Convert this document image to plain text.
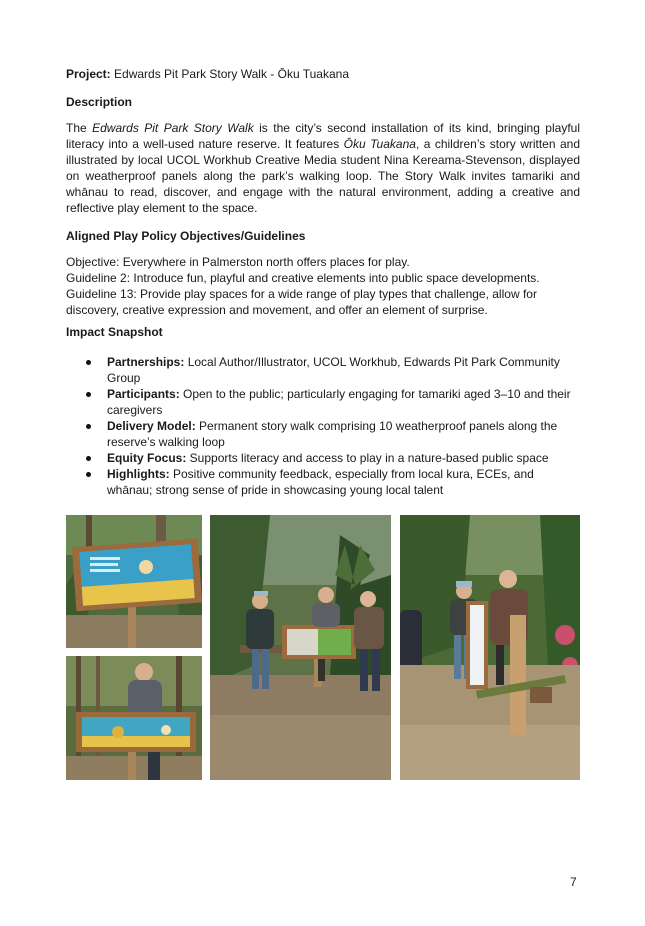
Project: Edwards Pit Park Story Walk - Ōku Tuakana

Description

The Edwards Pit Park Story Walk is the city’s second installation of its kind, bringing playful literacy into a well-used nature reserve. It features Ōku Tuakana, a children’s story written and illustrated by local UCOL Workhub Creative Media student Nina Kereama-Stevenson, displayed on weatherproof panels along the park’s walking loop. The Story Walk invites tamariki and whānau to read, discover, and engage with the natural environment, adding a creative and reflective play element to the space.

Aligned Play Policy Objectives/Guidelines

Objective: Everywhere in Palmerston north offers places for play.

Guideline 2: Introduce fun, playful and creative elements into public space developments.

Guideline 13: Provide play spaces for a wide range of play types that challenge, allow for discovery, creative expression and movement, and offer an element of surprise.

Impact Snapshot

Partnerships: Local Author/Illustrator, UCOL Workhub, Edwards Pit Park Community Group
Participants: Open to the public; particularly engaging for tamariki aged 3–10 and their caregivers
Delivery Model: Permanent story walk comprising 10 weatherproof panels along the reserve’s walking loop
Equity Focus: Supports literacy and access to play in a nature-based public space
Highlights: Positive community feedback, especially from local kura, ECEs, and whānau; strong sense of pride in showcasing young local talent
7
